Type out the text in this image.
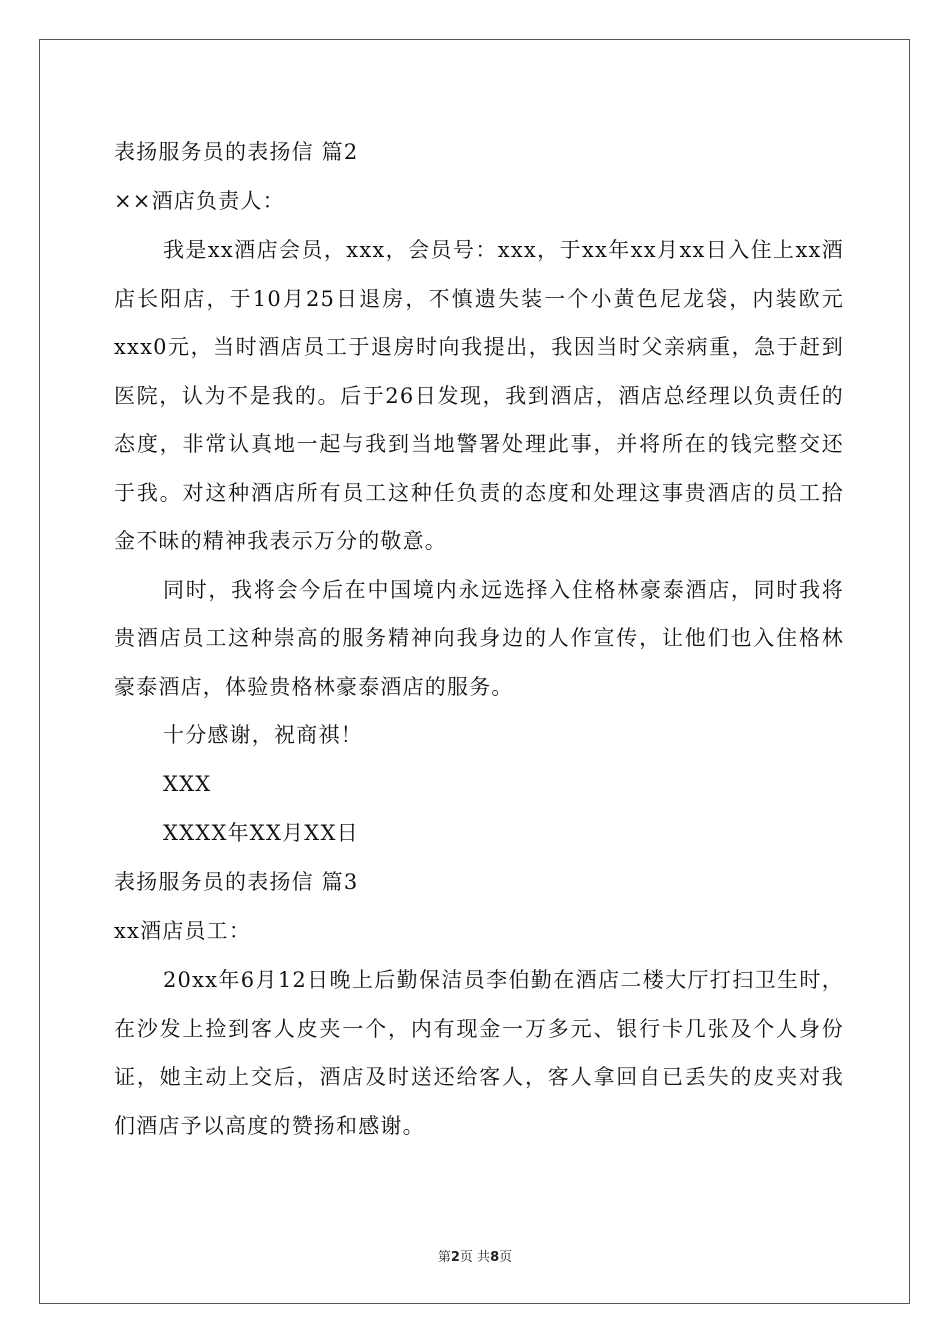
表扬服务员的表扬信 篇2
××酒店负责人：

我是xx酒店会员，xxx，会员号：xxx，于xx年xx月xx日入住上xx酒店长阳店，于10月25日退房，不慎遗失装一个小黄色尼龙袋，内装欧元xxx0元，当时酒店员工于退房时向我提出，我因当时父亲病重，急于赶到医院，认为不是我的。后于26日发现，我到酒店，酒店总经理以负责任的态度，非常认真地一起与我到当地警署处理此事，并将所在的钱完整交还于我。对这种酒店所有员工这种任负责的态度和处理这事贵酒店的员工拾金不昧的精神我表示万分的敬意。

同时，我将会今后在中国境内永远选择入住格林豪泰酒店，同时我将贵酒店员工这种崇高的服务精神向我身边的人作宣传，让他们也入住格林豪泰酒店，体验贵格林豪泰酒店的服务。

十分感谢，祝商祺！
XXX
XXXX年XX月XX日
表扬服务员的表扬信 篇3
xx酒店员工：

20xx年6月12日晚上后勤保洁员李伯勤在酒店二楼大厅打扫卫生时，在沙发上捡到客人皮夹一个，内有现金一万多元、银行卡几张及个人身份证，她主动上交后，酒店及时送还给客人，客人拿回自已丢失的皮夹对我们酒店予以高度的赞扬和感谢。

第2页 共8页
